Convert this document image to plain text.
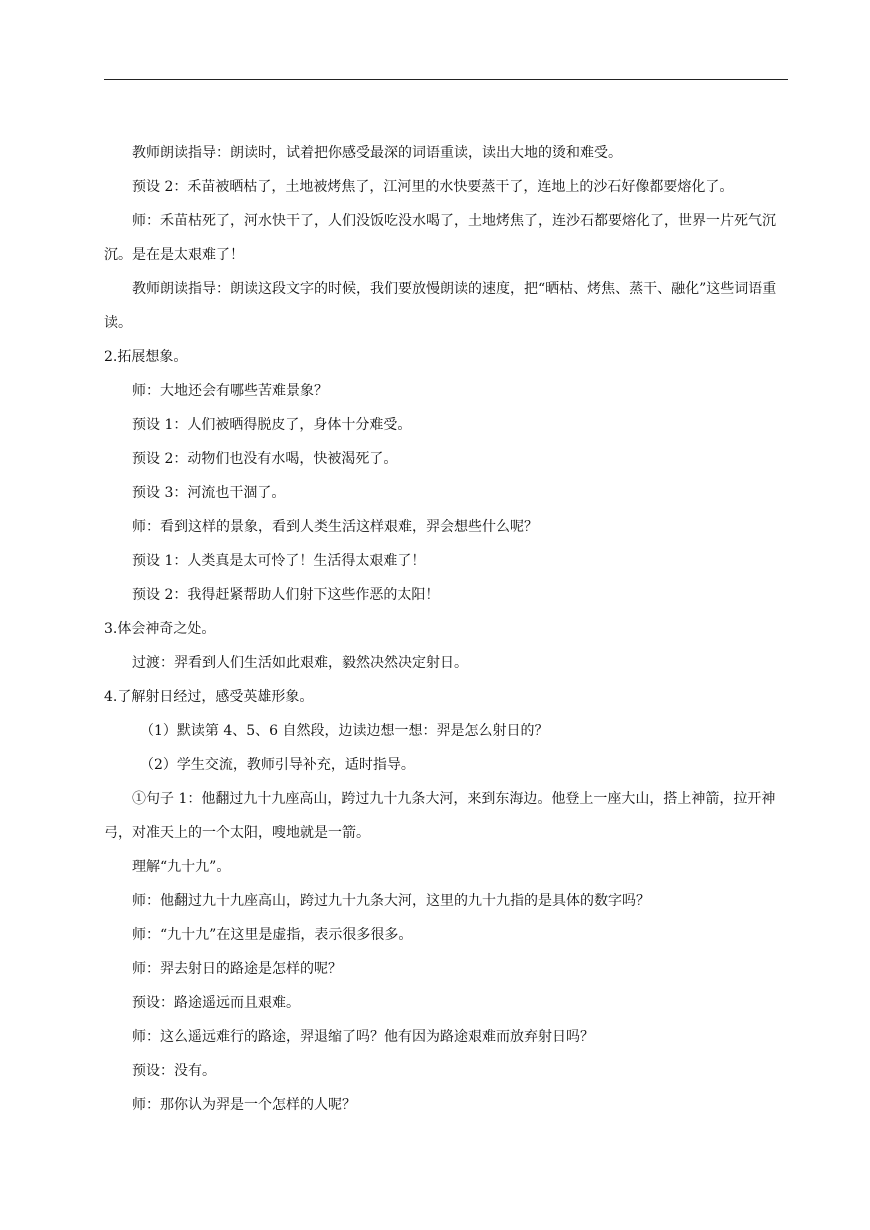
教师朗读指导：朗读时，试着把你感受最深的词语重读，读出大地的烫和难受。

预设 2：禾苗被晒枯了，土地被烤焦了，江河里的水快要蒸干了，连地上的沙石好像都要熔化了。

师：禾苗枯死了，河水快干了，人们没饭吃没水喝了，土地烤焦了，连沙石都要熔化了，世界一片死气沉沉。是在是太艰难了！

教师朗读指导：朗读这段文字的时候，我们要放慢朗读的速度，把“晒枯、烤焦、蒸干、融化”这些词语重读。

2.拓展想象。

师：大地还会有哪些苦难景象？

预设 1：人们被晒得脱皮了，身体十分难受。

预设 2：动物们也没有水喝，快被渴死了。

预设 3：河流也干涸了。

师：看到这样的景象，看到人类生活这样艰难，羿会想些什么呢？

预设 1：人类真是太可怜了！生活得太艰难了！

预设 2：我得赶紧帮助人们射下这些作恶的太阳！

3.体会神奇之处。

过渡：羿看到人们生活如此艰难，毅然决然决定射日。

4.了解射日经过，感受英雄形象。

（1）默读第 4、5、6 自然段，边读边想一想：羿是怎么射日的？

（2）学生交流，教师引导补充，适时指导。

①句子 1：他翻过九十九座高山，跨过九十九条大河，来到东海边。他登上一座大山，搭上神箭，拉开神弓，对准天上的一个太阳，嗖地就是一箭。

理解“九十九”。

师：他翻过九十九座高山，跨过九十九条大河，这里的九十九指的是具体的数字吗？

师：“九十九”在这里是虚指，表示很多很多。

师：羿去射日的路途是怎样的呢？

预设：路途遥远而且艰难。

师：这么遥远难行的路途，羿退缩了吗？他有因为路途艰难而放弃射日吗？

预设：没有。

师：那你认为羿是一个怎样的人呢？
